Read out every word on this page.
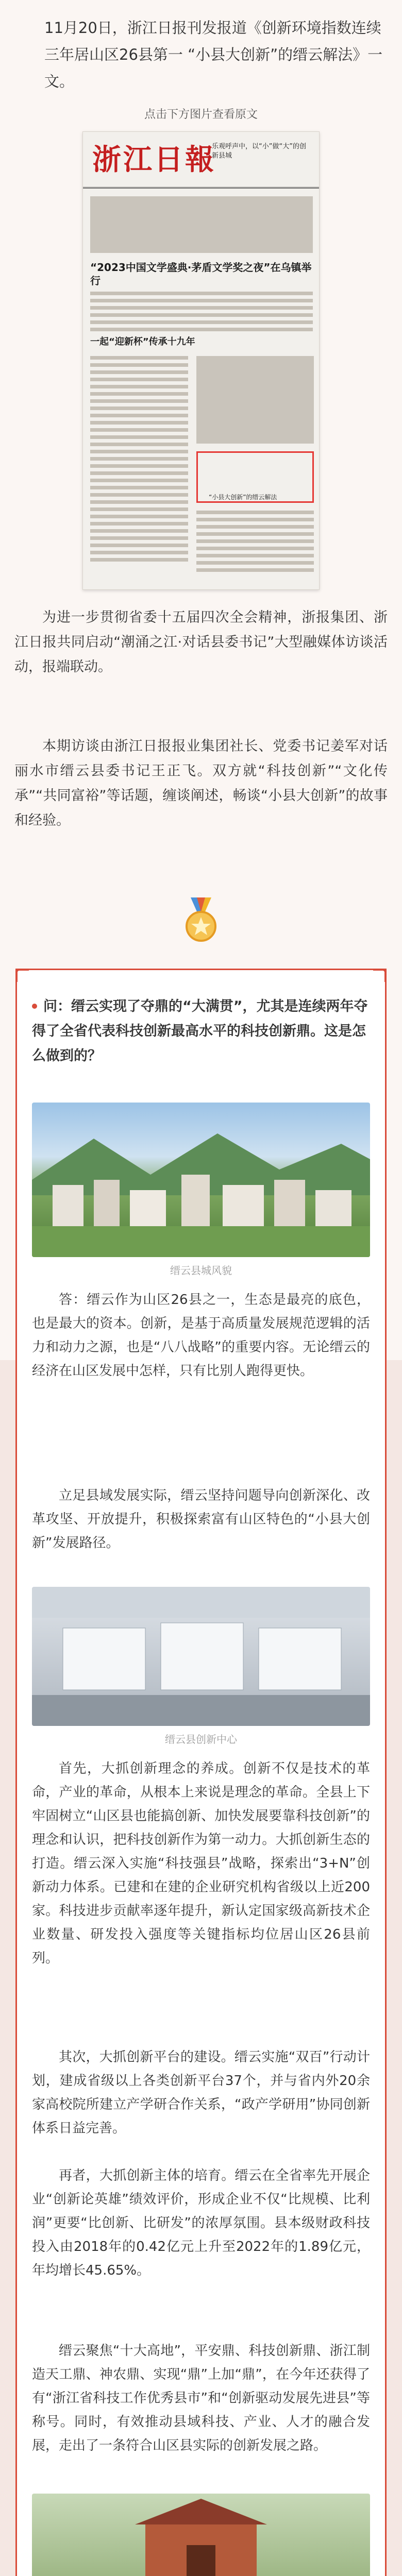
11月20日，浙江日报刊发报道《创新环境指数连续三年居山区26县第一 “小县大创新”的缙云解法》一文。
点击下方图片查看原文
浙江日報
乐观呼声中，以“小”做“大”的创新县城
“2023中国文学盛典·茅盾文学奖之夜”在乌镇举行
一起“迎新杯”传承十九年
“小县大创新”的缙云解法
为进一步贯彻省委十五届四次全会精神，浙报集团、浙江日报共同启动“潮涌之江·对话县委书记”大型融媒体访谈活动，报端联动。
本期访谈由浙江日报报业集团社长、党委书记姜军对话丽水市缙云县委书记王正飞。双方就“科技创新”“文化传承”“共同富裕”等话题，缠谈阐述，畅谈“小县大创新”的故事和经验。
问：缙云实现了夺鼎的“大满贯”，尤其是连续两年夺得了全省代表科技创新最高水平的科技创新鼎。这是怎么做到的？
缙云县城风貌
答：缙云作为山区26县之一，生态是最亮的底色，也是最大的资本。创新，是基于高质量发展规范逻辑的活力和动力之源，也是“八八战略”的重要内容。无论缙云的经济在山区发展中怎样，只有比别人跑得更快。
立足县域发展实际，缙云坚持问题导向创新深化、改革攻坚、开放提升，积极探索富有山区特色的“小县大创新”发展路径。
缙云县创新中心
首先，大抓创新理念的养成。创新不仅是技术的革命，产业的革命，从根本上来说是理念的革命。全县上下牢固树立“山区县也能搞创新、加快发展要靠科技创新”的理念和认识，把科技创新作为第一动力。大抓创新生态的打造。缙云深入实施“科技强县”战略，探索出“3+N”创新动力体系。已建和在建的企业研究机构省级以上近200家。科技进步贡献率逐年提升，新认定国家级高新技术企业数量、研发投入强度等关键指标均位居山区26县前列。
其次，大抓创新平台的建设。缙云实施“双百”行动计划，建成省级以上各类创新平台37个，并与省内外20余家高校院所建立产学研合作关系，“政产学研用”协同创新体系日益完善。
再者，大抓创新主体的培育。缙云在全省率先开展企业“创新论英雄”绩效评价，形成企业不仅“比规模、比利润”更要“比创新、比研发”的浓厚氛围。县本级财政科技投入由2018年的0.42亿元上升至2022年的1.89亿元，年均增长45.65%。
缙云聚焦“十大高地”，平安鼎、科技创新鼎、浙江制造天工鼎、神农鼎、实现“鼎”上加“鼎”，在今年还获得了有“浙江省科技工作优秀县市”和“创新驱动发展先进县”等称号。同时，有效推动县域科技、产业、人才的融合发展，走出了一条符合山区县实际的创新发展之路。
